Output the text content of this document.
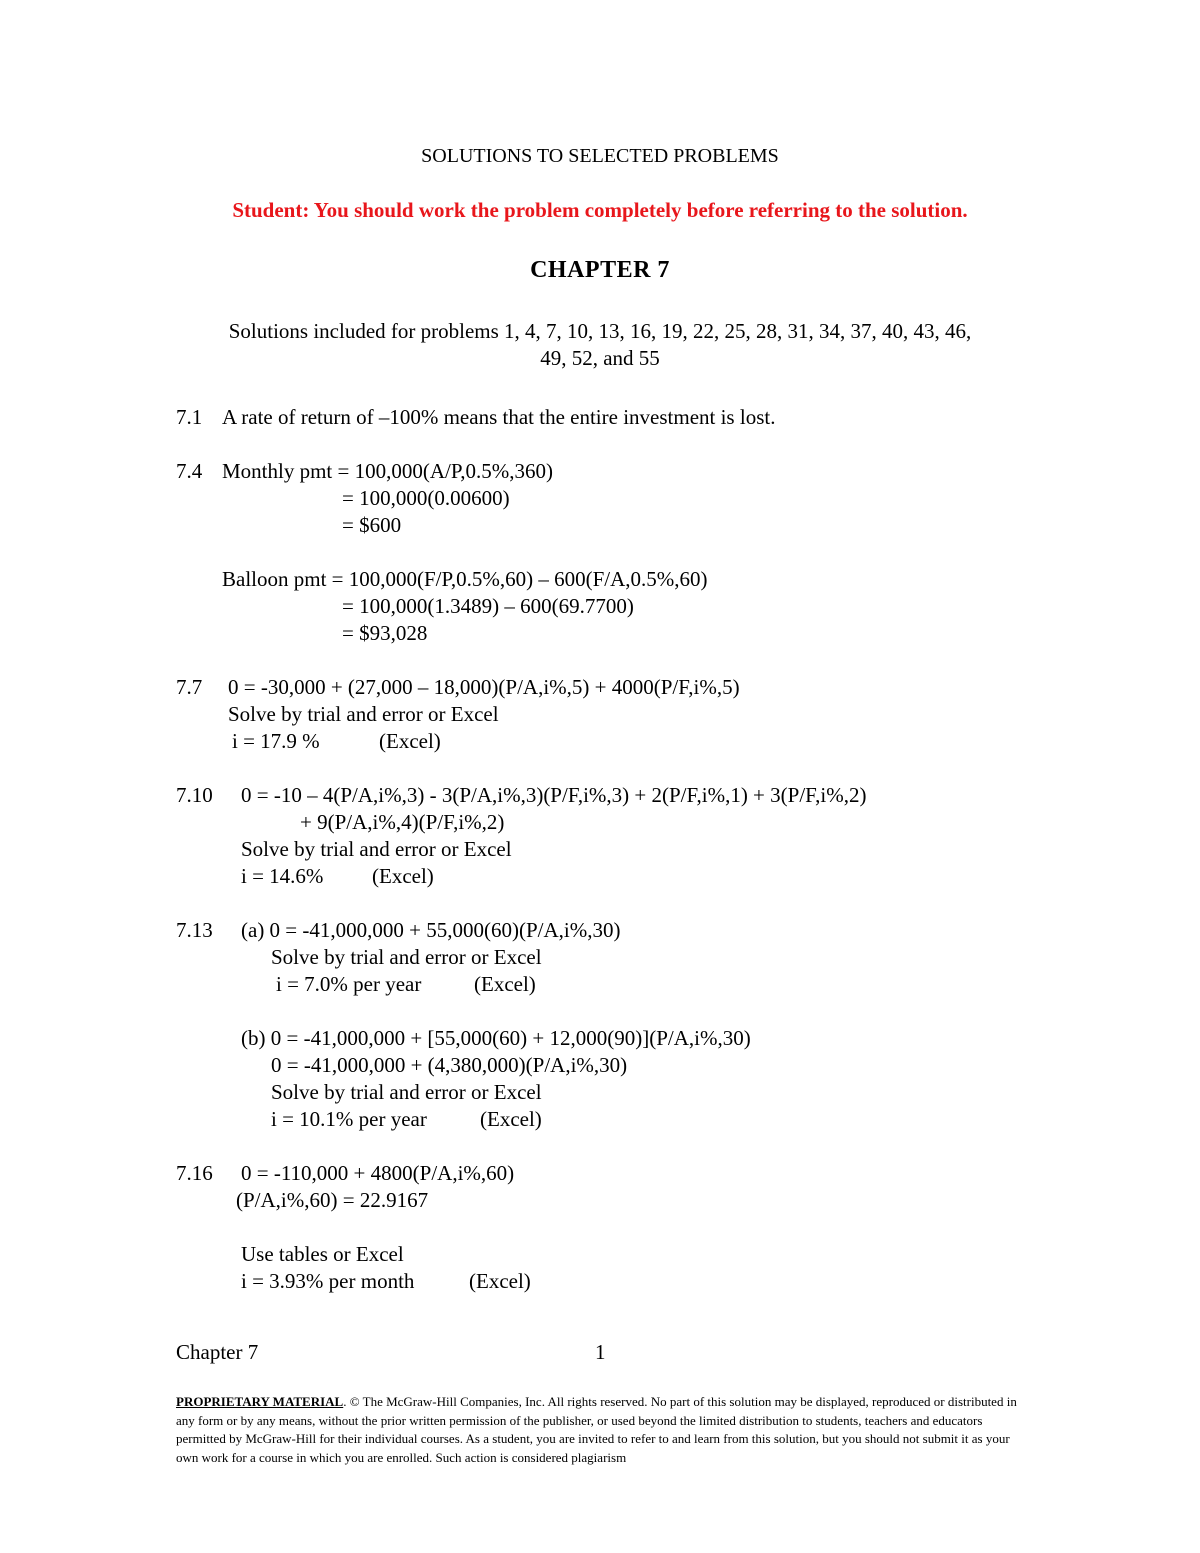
SOLUTIONS TO SELECTED PROBLEMS
Student: You should work the problem completely before referring to the solution.
CHAPTER 7
Solutions included for problems 1, 4, 7, 10, 13, 16, 19, 22, 25, 28, 31, 34, 37, 40, 43, 46,
49, 52, and 55
7.1 A rate of return of –100% means that the entire investment is lost.
7.4 Monthly pmt = 100,000(A/P,0.5%,360)
= 100,000(0.00600)
= $600
Balloon pmt = 100,000(F/P,0.5%,60) – 600(F/A,0.5%,60)
= 100,000(1.3489) – 600(69.7700)
= $93,028
7.7 0 = -30,000 + (27,000 – 18,000)(P/A,i%,5) + 4000(P/F,i%,5)
Solve by trial and error or Excel
i = 17.9 %	(Excel)
7.10 0 = -10 – 4(P/A,i%,3) - 3(P/A,i%,3)(P/F,i%,3) + 2(P/F,i%,1) + 3(P/F,i%,2)
+ 9(P/A,i%,4)(P/F,i%,2)
Solve by trial and error or Excel
i = 14.6% (Excel)
7.13 (a) 0 = -41,000,000 + 55,000(60)(P/A,i%,30)
Solve by trial and error or Excel
i = 7.0% per year	(Excel)
(b) 0 = -41,000,000 + [55,000(60) + 12,000(90)](P/A,i%,30)
0 = -41,000,000 + (4,380,000)(P/A,i%,30)
Solve by trial and error or Excel
i = 10.1% per year	(Excel)
7.16 0 = -110,000 + 4800(P/A,i%,60)
(P/A,i%,60) = 22.9167
Use tables or Excel
i = 3.93% per month	(Excel)
Chapter 7	1
PROPRIETARY MATERIAL. © The McGraw-Hill Companies, Inc. All rights reserved. No part of this solution may be displayed, reproduced or distributed in any form or by any means, without the prior written permission of the publisher, or used beyond the limited distribution to students, teachers and educators permitted by McGraw-Hill for their individual courses. As a student, you are invited to refer to and learn from this solution, but you should not submit it as your own work for a course in which you are enrolled. Such action is considered plagiarism
